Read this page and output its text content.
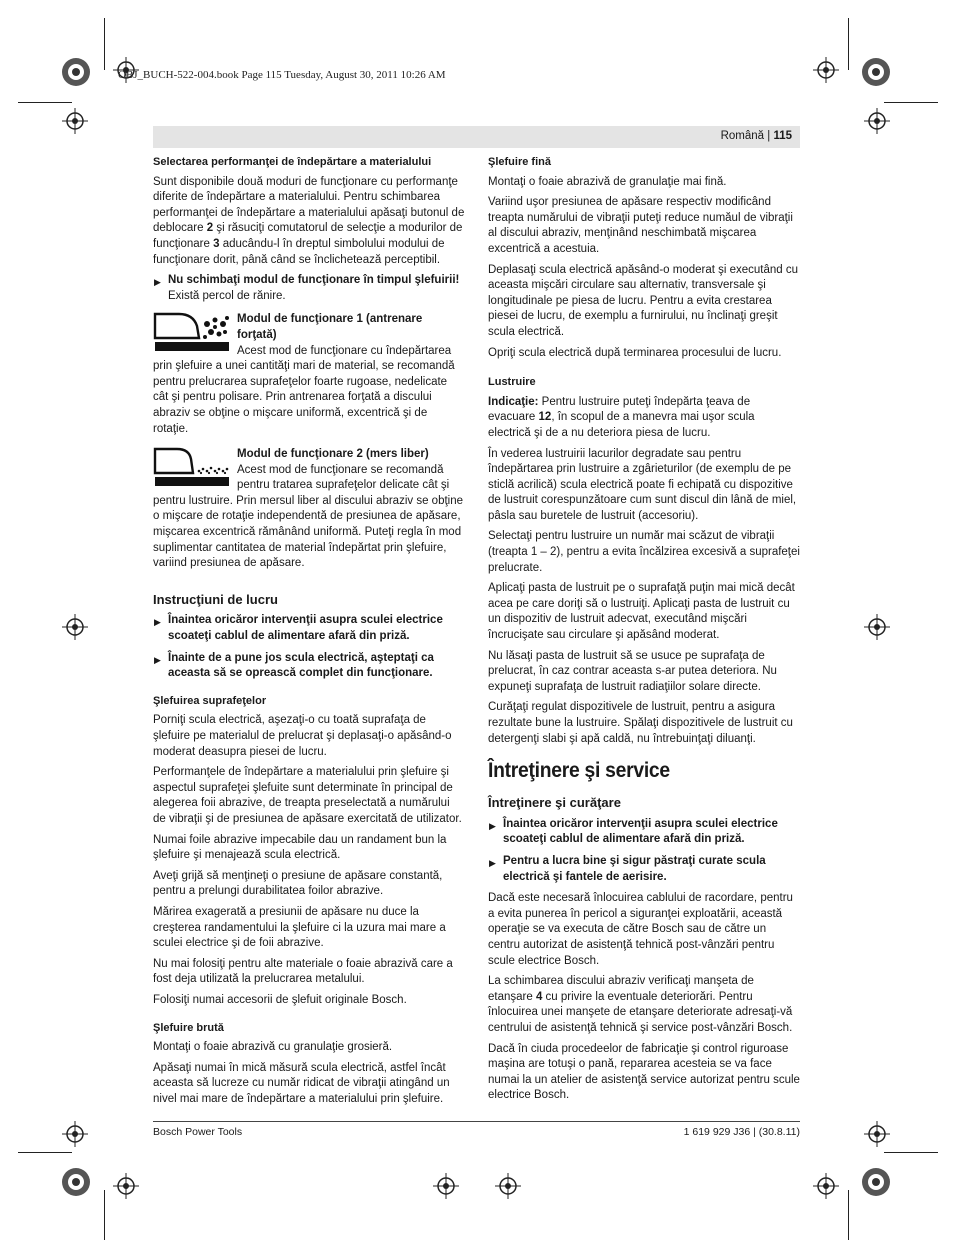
OBJ_BUCH-522-004.book Page 115 Tuesday, August 30, 2011 10:26 AM
Română | 115
Selectarea performanţei de îndepărtare a materialului

Sunt disponibile două moduri de funcţionare cu performanţe diferite de îndepărtare a materialului. Pentru schimbarea performanţei de îndepărtare a materialului apăsaţi butonul de deblocare 2 şi răsuciţi comutatorul de selecţie a modurilor de funcţionare 3 aducându-l în dreptul simbolului modului de funcţionare dorit, până când se înclichetează perceptibil.

▶ Nu schimbaţi modul de funcţionare în timpul şlefuirii!
Există percol de rănire.
Modul de funcţionare 1 (antrenare forţată)
Acest mod de funcţionare cu îndepărtarea prin şlefuire a unei cantităţi mari de material, se recomandă pentru prelucrarea suprafeţelor foarte rugoase, nedelicate cât şi pentru polisare. Prin antrenarea forţată a discului abraziv se obţine o mişcare uniformă, excentrică şi de rotaţie.
Modul de funcţionare 2 (mers liber)
Acest mod de funcţionare se recomandă pentru tratarea suprafeţelor delicate cât şi pentru lustruire. Prin mersul liber al discului abraziv se obţine o mişcare de rotaţie independentă de presiunea de apăsare, mişcarea excentrică rămânând uniformă. Puteţi regla în mod suplimentar cantitatea de material îndepărtat prin şlefuire, variind presiunea de apăsare.
Instrucţiuni de lucru
▶ Înaintea oricăror intervenţii asupra sculei electrice scoateţi cablul de alimentare afară din priză.
▶ Înainte de a pune jos scula electrică, aşteptaţi ca aceasta să se oprească complet din funcţionare.
Şlefuirea suprafeţelor

Porniţi scula electrică, aşezaţi-o cu toată suprafaţa de şlefuire pe materialul de prelucrat şi deplasaţi-o apăsând-o moderat deasupra piesei de lucru.

Performanţele de îndepărtare a materialului prin şlefuire şi aspectul suprafeţei şlefuite sunt determinate în principal de alegerea foii abrazive, de treapta preselectată a numărului de vibraţii şi de presiunea de apăsare exercitată de utilizator.

Numai foile abrazive impecabile dau un randament bun la şlefuire şi menajează scula electrică.

Aveţi grijă să menţineţi o presiune de apăsare constantă, pentru a prelungi durabilitatea foilor abrazive.

Mărirea exagerată a presiunii de apăsare nu duce la creşterea randamentului la şlefuire ci la uzura mai mare a sculei electrice şi de foii abrazive.

Nu mai folosiţi pentru alte materiale o foaie abrazivă care a fost deja utilizată la prelucrarea metalului.

Folosiţi numai accesorii de şlefuit originale Bosch.

Şlefuire brută

Montaţi o foaie abrazivă cu granulaţie grosieră.

Apăsaţi numai în mică măsură scula electrică, astfel încât aceasta să lucreze cu număr ridicat de vibraţii atingând un nivel mai mare de îndepărtare a materialului prin şlefuire.

Şlefuire fină

Montaţi o foaie abrazivă de granulaţie mai fină.

Variind uşor presiunea de apăsare respectiv modificând treapta numărului de vibraţii puteţi reduce număul de vibraţii al discului abraziv, menţinând neschimbată mişcarea excentrică a acestuia.

Deplasaţi scula electrică apăsând-o moderat şi executând cu aceasta mişcări circulare sau alternativ, transversale şi longitudinale pe piesa de lucru. Pentru a evita crestarea piesei de lucru, de exemplu a furnirului, nu înclinaţi greşit scula electrică.

Opriţi scula electrică după terminarea procesului de lucru.

Lustruire

Indicaţie: Pentru lustruire puteţi îndepărta ţeava de evacuare 12, în scopul de a manevra mai uşor scula electrică şi de a nu deteriora piesa de lucru.

În vederea lustruirii lacurilor degradate sau pentru îndepărtarea prin lustruire a zgârieturilor (de exemplu de pe sticlă acrilică) scula electrică poate fi echipată cu dispozitive de lustruit corespunzătoare cum sunt discul din lână de miel, pâsla sau buretele de lustruit (accesoriu).

Selectaţi pentru lustruire un număr mai scăzut de vibraţii (treapta 1 – 2), pentru a evita încălzirea excesivă a suprafeţei prelucrate.

Aplicaţi pasta de lustruit pe o suprafaţă puţin mai mică decât acea pe care doriţi să o lustruiţi. Aplicaţi pasta de lustruit cu un dispozitiv de lustruit adecvat, executând mişcări încrucişate sau circulare şi apăsând moderat.

Nu lăsaţi pasta de lustruit să se usuce pe suprafaţa de prelucrat, în caz contrar aceasta s-ar putea deteriora. Nu expuneţi suprafaţa de lustruit radiaţiilor solare directe.

Curăţaţi regulat dispozitivele de lustruit, pentru a asigura rezultate bune la lustruire. Spălaţi dispozitivele de lustruit cu detergenţi slabi şi apă caldă, nu întrebuinţaţi diluanţi.

Întreţinere şi service
Întreţinere şi curăţare
▶ Înaintea oricăror intervenţii asupra sculei electrice scoateţi cablul de alimentare afară din priză.
▶ Pentru a lucra bine şi sigur păstraţi curate scula electrică şi fantele de aerisire.

Dacă este necesară înlocuirea cablului de racordare, pentru a evita punerea în pericol a siguranţei exploatării, această operaţie se va executa de către Bosch sau de către un centru autorizat de asistenţă tehnică post-vânzări pentru scule electrice Bosch.

La schimbarea discului abraziv verificaţi manşeta de etanşare 4 cu privire la eventuale deteriorări. Pentru înlocuirea unei manşete de etanşare deteriorate adresaţi-vă centrului de asistenţă tehnică şi service post-vânzări Bosch.

Dacă în ciuda procedeelor de fabricaţie şi control riguroase maşina are totuşi o pană, repararea acesteia se va face numai la un atelier de asistenţă service autorizat pentru scule electrice Bosch.

Bosch Power Tools	1 619 929 J36 | (30.8.11)
